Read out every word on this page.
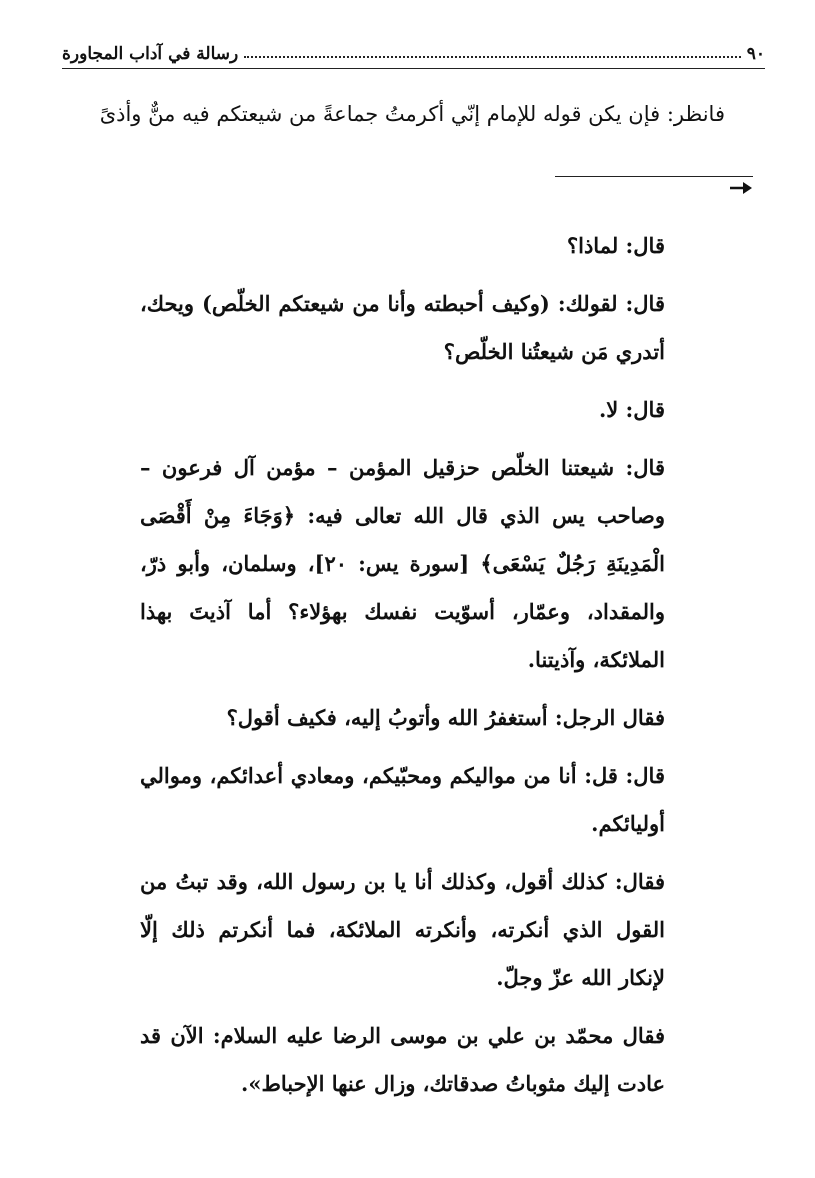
٩٠
رسالة في آداب المجاورة
فانظر: فإن يكن قوله للإمام إنّي أكرمتُ جماعةً من شيعتكم فيه منٌّ وأذىً

قال: لماذا؟

قال: لقولك: (وكيف أحبطته وأنا من شيعتكم الخلّص) ويحك، أتدري مَن شيعتُنا الخلّص؟

قال: لا.

قال: شيعتنا الخلّص حزقيل المؤمن – مؤمن آل فرعون – وصاحب يس الذي قال الله تعالى فيه: ﴿وَجَاءَ مِنْ أَقْصَى الْمَدِينَةِ رَجُلٌ يَسْعَى﴾ [سورة يس: ٢٠]، وسلمان، وأبو ذرّ، والمقداد، وعمّار، أسوّيت نفسك بهؤلاء؟ أما آذيتَ بهذا الملائكة، وآذيتنا.

فقال الرجل: أستغفرُ الله وأتوبُ إليه، فكيف أقول؟

قال: قل: أنا من مواليكم ومحبّيكم، ومعادي أعدائكم، وموالي أوليائكم.

فقال: كذلك أقول، وكذلك أنا يا بن رسول الله، وقد تبتُ من القول الذي أنكرته، وأنكرته الملائكة، فما أنكرتم ذلك إلّا لإنكار الله عزّ وجلّ.

فقال محمّد بن علي بن موسى الرضا عليه السلام: الآن قد عادت إليك مثوباتُ صدقاتك، وزال عنها الإحباط».
